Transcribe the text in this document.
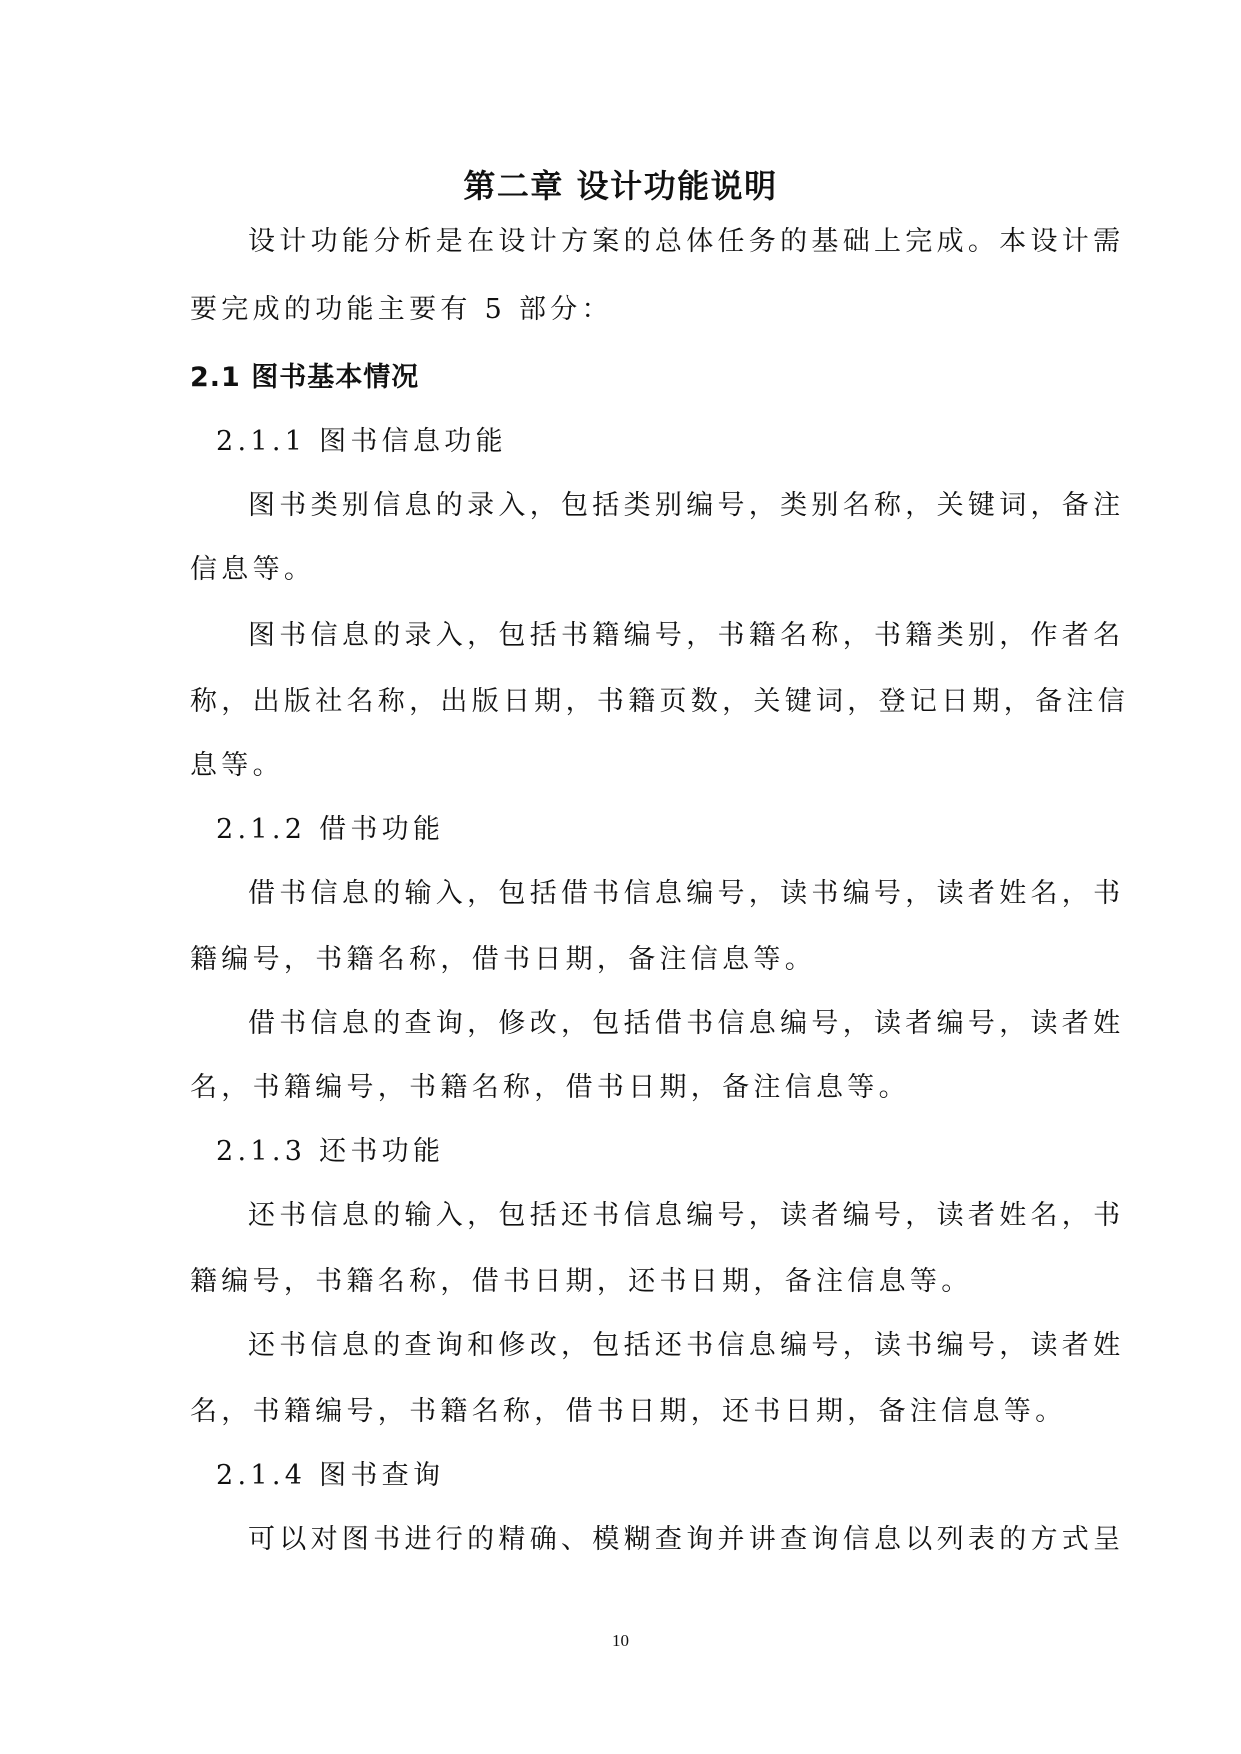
第二章 设计功能说明
设计功能分析是在设计方案的总体任务的基础上完成。本设计需
要完成的功能主要有 5 部分：
2.1 图书基本情况
2.1.1 图书信息功能
图书类别信息的录入，包括类别编号，类别名称，关键词，备注
信息等。
图书信息的录入，包括书籍编号，书籍名称，书籍类别，作者名
称，出版社名称，出版日期，书籍页数，关键词，登记日期，备注信
息等。
2.1.2 借书功能
借书信息的输入，包括借书信息编号，读书编号，读者姓名，书
籍编号，书籍名称，借书日期，备注信息等。
借书信息的查询，修改，包括借书信息编号，读者编号，读者姓
名，书籍编号，书籍名称，借书日期，备注信息等。
2.1.3 还书功能
还书信息的输入，包括还书信息编号，读者编号，读者姓名，书
籍编号，书籍名称，借书日期，还书日期，备注信息等。
还书信息的查询和修改，包括还书信息编号，读书编号，读者姓
名，书籍编号，书籍名称，借书日期，还书日期，备注信息等。
2.1.4 图书查询
可以对图书进行的精确、模糊查询并讲查询信息以列表的方式呈
10
